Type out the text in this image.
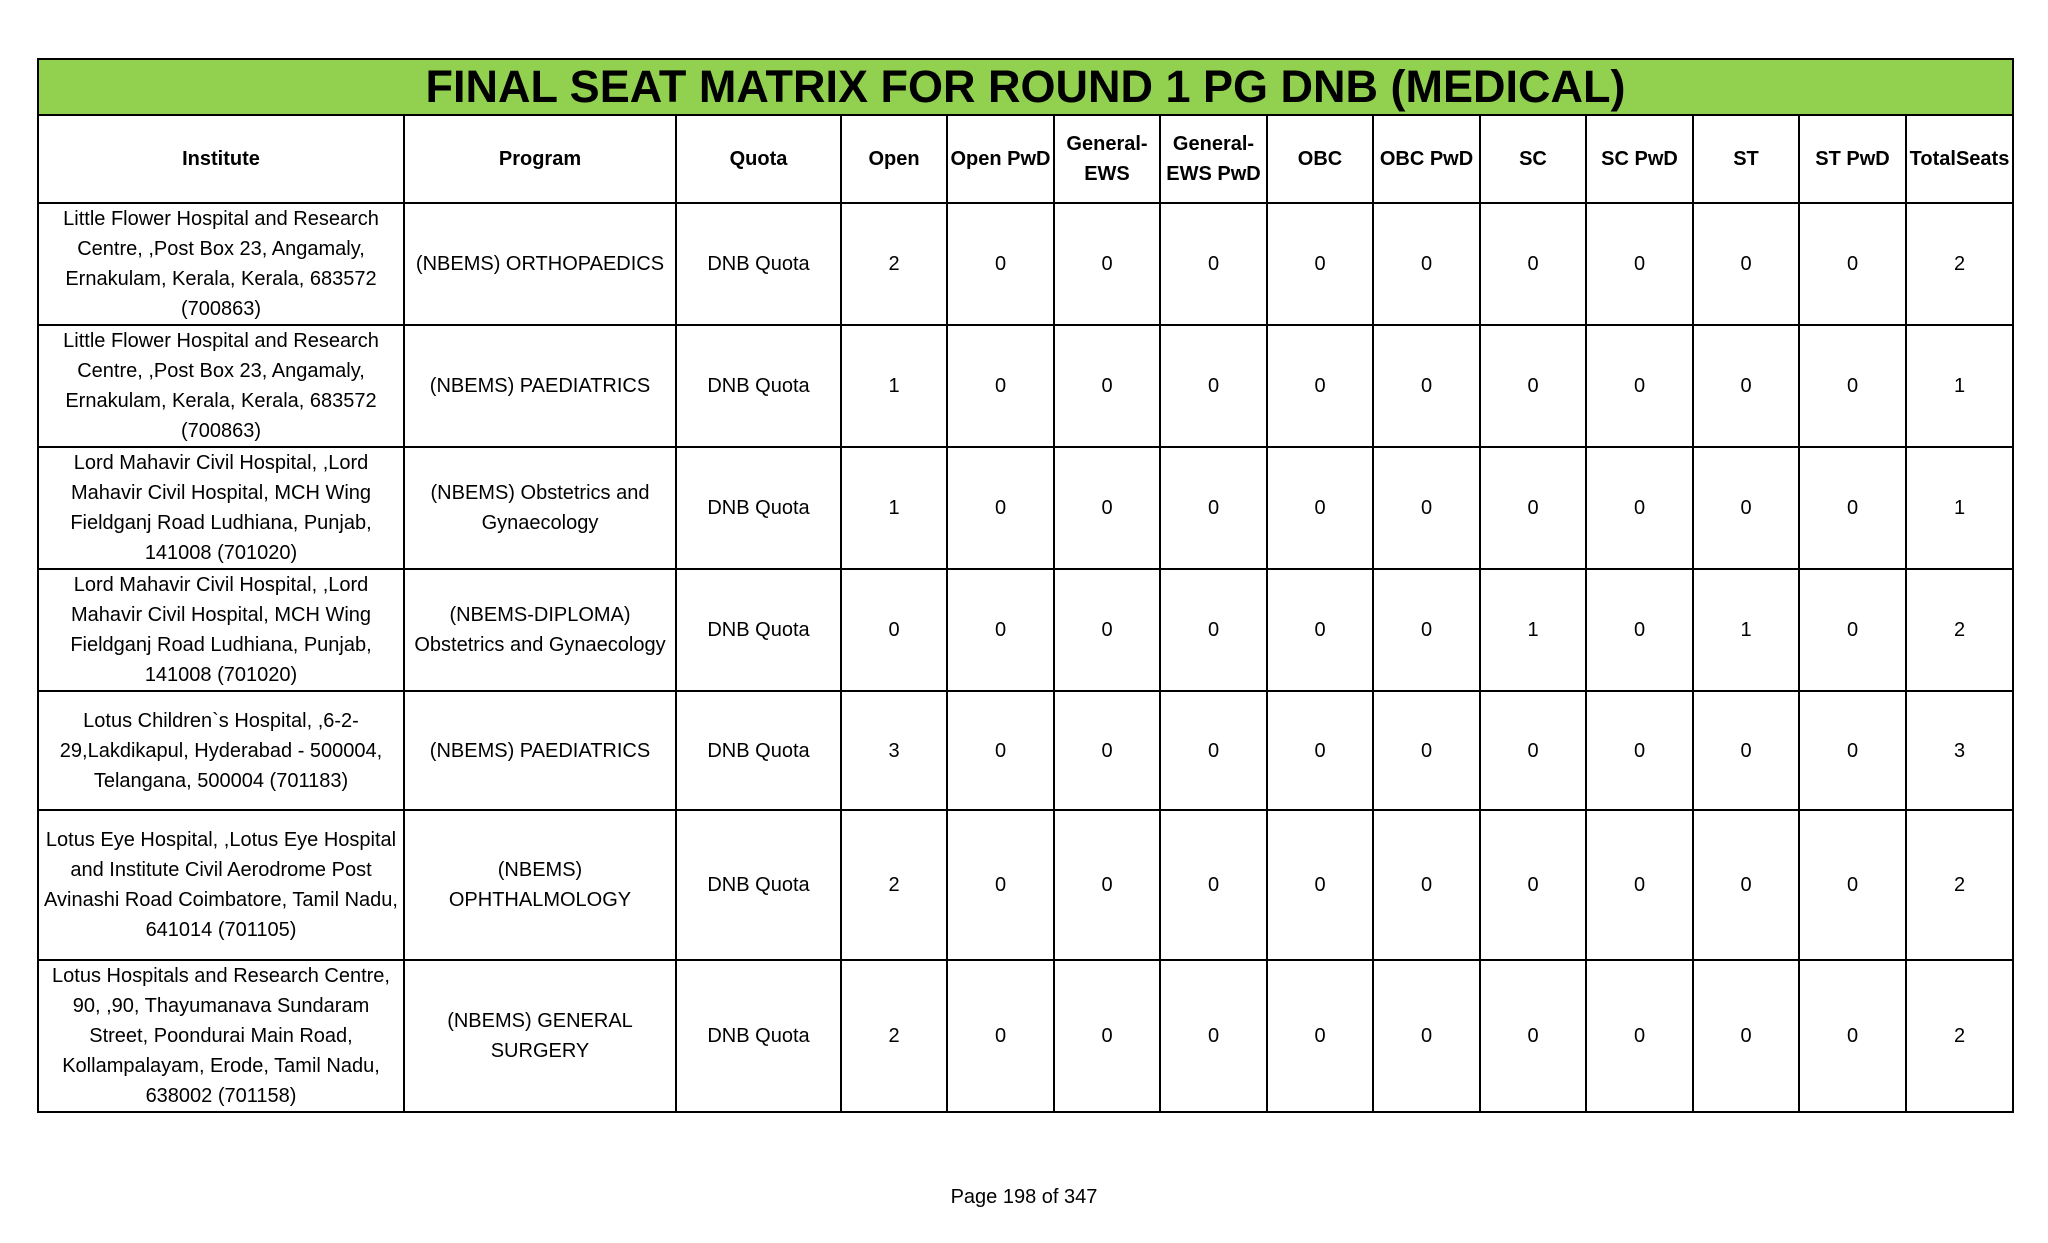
FINAL SEAT MATRIX FOR ROUND 1 PG DNB (MEDICAL)													
Institute	Program	Quota	Open	Open PwD	General-EWS	General-EWS PwD	OBC	OBC PwD	SC	SC PwD	ST	ST PwD	TotalSeats
Little Flower Hospital and Research Centre, ,Post Box 23, Angamaly, Ernakulam, Kerala, Kerala, 683572 (700863)	(NBEMS) ORTHOPAEDICS	DNB Quota	2	0	0	0	0	0	0	0	0	0	2
Little Flower Hospital and Research Centre, ,Post Box 23, Angamaly, Ernakulam, Kerala, Kerala, 683572 (700863)	(NBEMS) PAEDIATRICS	DNB Quota	1	0	0	0	0	0	0	0	0	0	1
Lord Mahavir Civil Hospital, ,Lord Mahavir Civil Hospital, MCH Wing Fieldganj Road Ludhiana, Punjab, 141008 (701020)	(NBEMS) Obstetrics and Gynaecology	DNB Quota	1	0	0	0	0	0	0	0	0	0	1
Lord Mahavir Civil Hospital, ,Lord Mahavir Civil Hospital, MCH Wing Fieldganj Road Ludhiana, Punjab, 141008 (701020)	(NBEMS-DIPLOMA) Obstetrics and Gynaecology	DNB Quota	0	0	0	0	0	0	1	0	1	0	2
Lotus Children`s Hospital, ,6-2-29,Lakdikapul, Hyderabad - 500004, Telangana, 500004 (701183)	(NBEMS) PAEDIATRICS	DNB Quota	3	0	0	0	0	0	0	0	0	0	3
Lotus Eye Hospital, ,Lotus Eye Hospital and Institute Civil Aerodrome Post Avinashi Road Coimbatore, Tamil Nadu, 641014 (701105)	(NBEMS) OPHTHALMOLOGY	DNB Quota	2	0	0	0	0	0	0	0	0	0	2
Lotus Hospitals and Research Centre, 90, ,90, Thayumanava Sundaram Street, Poondurai Main Road, Kollampalayam, Erode, Tamil Nadu, 638002 (701158)	(NBEMS) GENERAL SURGERY	DNB Quota	2	0	0	0	0	0	0	0	0	0	2
Page 198 of 347
